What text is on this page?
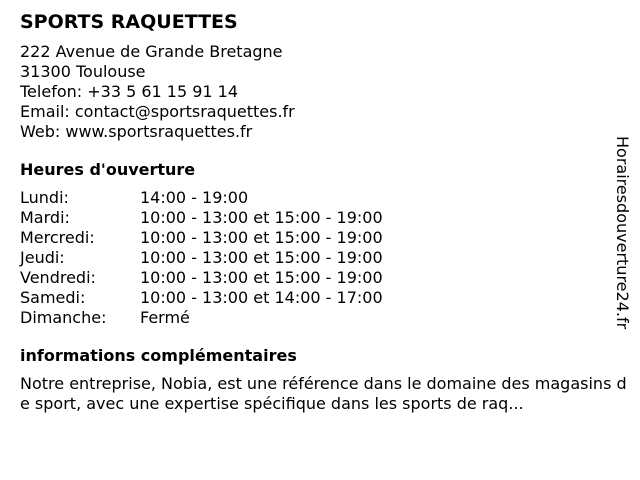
SPORTS RAQUETTES
222 Avenue de Grande Bretagne
31300 Toulouse
Telefon: +33 5 61 15 91 14
Email: contact@sportsraquettes.fr
Web: www.sportsraquettes.fr
Heures d'ouverture
Lundi:	14:00 - 19:00
Mardi:	10:00 - 13:00 et 15:00 - 19:00
Mercredi:	10:00 - 13:00 et 15:00 - 19:00
Jeudi:	10:00 - 13:00 et 15:00 - 19:00
Vendredi:	10:00 - 13:00 et 15:00 - 19:00
Samedi:	10:00 - 13:00 et 14:00 - 17:00
Dimanche:	Fermé
informations complémentaires
Notre entreprise, Nobia, est une référence dans le domaine des magasins de sport, avec une expertise spécifique dans les sports de raq...
Horairesdouverture24.fr
